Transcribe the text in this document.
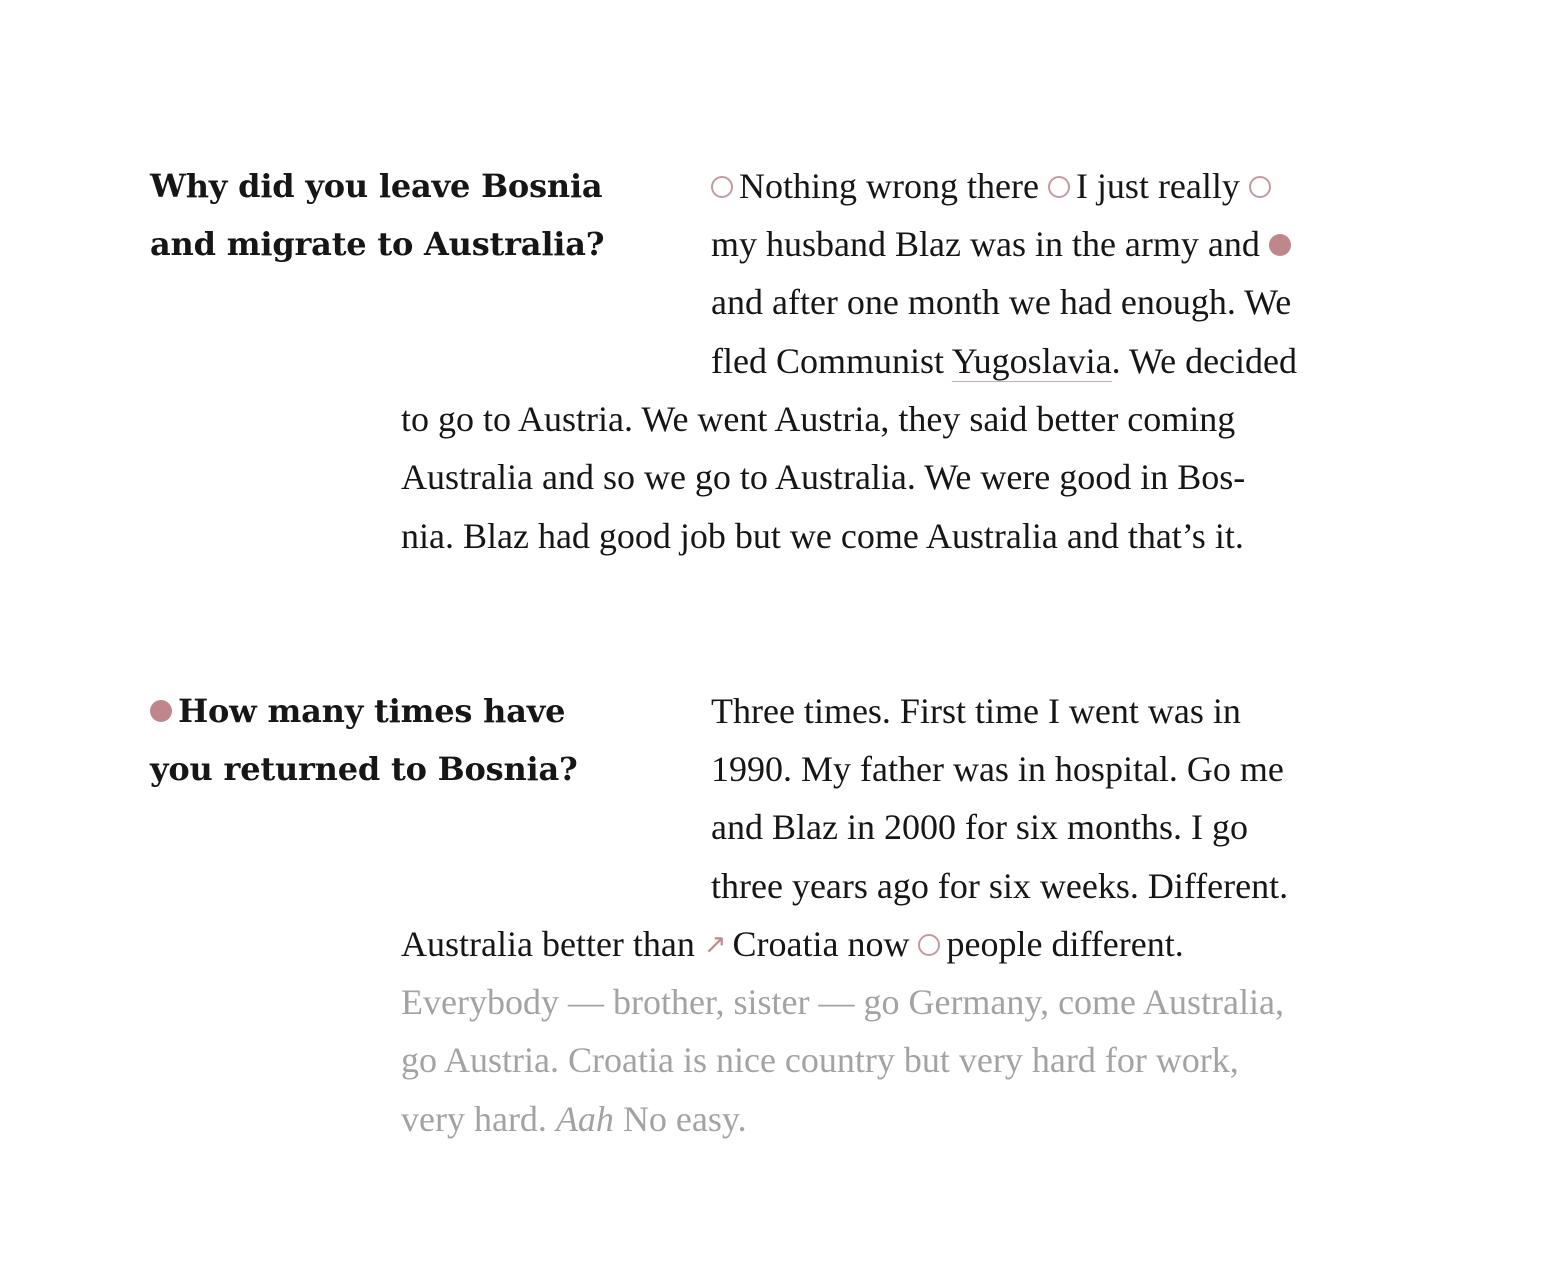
Why did you leave Bosnia and migrate to Australia?
Nothing wrong there I just really
my husband Blaz was in the army and
and after one month we had enough. We
fled Communist Yugoslavia. We decided
to go to Austria. We went Austria, they said better coming
Australia and so we go to Australia. We were good in Bos-
nia. Blaz had good job but we come Australia and that’s it.
How many times have you returned to Bosnia?
Three times. First time I went was in
1990. My father was in hospital. Go me
and Blaz in 2000 for six months. I go
three years ago for six weeks. Different.
Australia better than ↗ Croatia now people different.
Everybody — brother, sister — go Germany, come Australia,
go Austria. Croatia is nice country but very hard for work,
very hard. Aah No easy.
